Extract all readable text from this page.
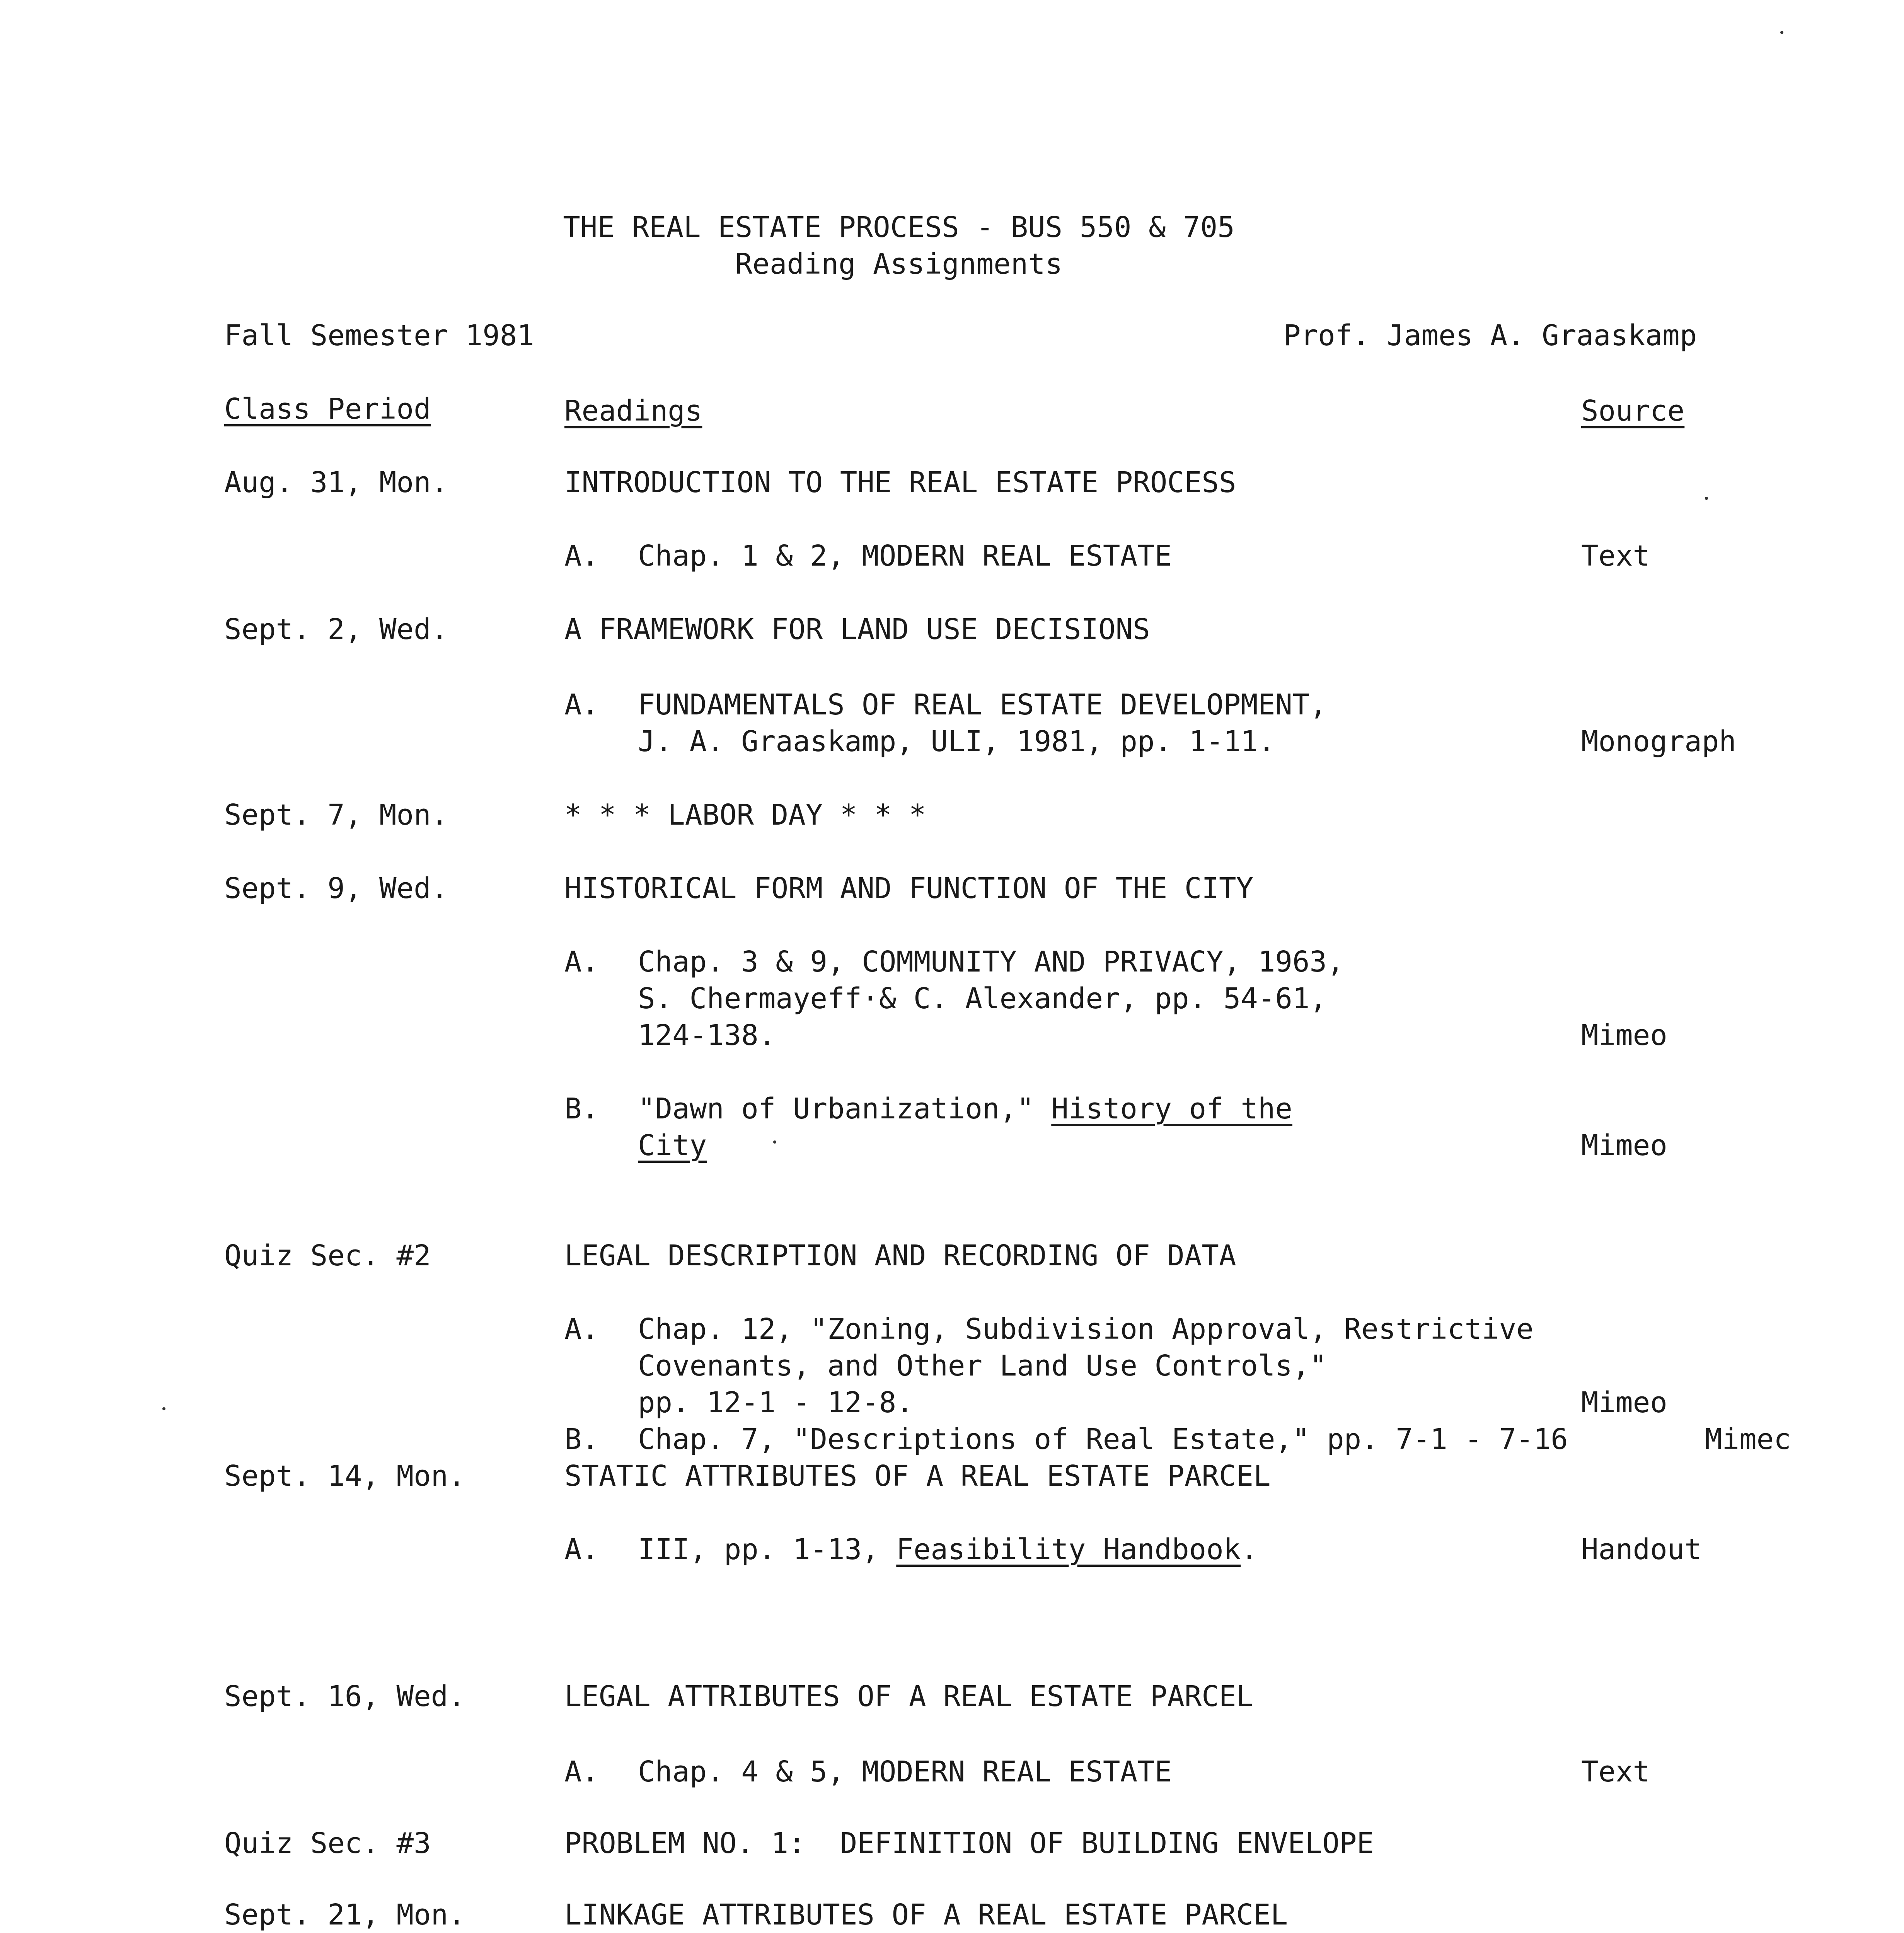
THE REAL ESTATE PROCESS - BUS 550 & 705
Reading Assignments
Fall Semester 1981	Prof. James A. Graaskamp
Class Period	Readings	Source
Aug. 31, Mon.	INTRODUCTION TO THE REAL ESTATE PROCESS
A. Chap. 1 & 2, MODERN REAL ESTATE	Text
Sept. 2, Wed.	A FRAMEWORK FOR LAND USE DECISIONS
A. FUNDAMENTALS OF REAL ESTATE DEVELOPMENT,
J. A. Graaskamp, ULI, 1981, pp. 1-11.	Monograph
Sept. 7, Mon.	* * * LABOR DAY * * *
Sept. 9, Wed.	HISTORICAL FORM AND FUNCTION OF THE CITY
A. Chap. 3 & 9, COMMUNITY AND PRIVACY, 1963,
S. Chermayeff·& C. Alexander, pp. 54-61,
124-138.	Mimeo
B. "Dawn of Urbanization," History of the
City	Mimeo
Quiz Sec. #2	LEGAL DESCRIPTION AND RECORDING OF DATA
A. Chap. 12, "Zoning, Subdivision Approval, Restrictive
Covenants, and Other Land Use Controls,"
pp. 12-1 - 12-8.	Mimeo
B. Chap. 7, "Descriptions of Real Estate," pp. 7-1 - 7-16	Mimec
Sept. 14, Mon.	STATIC ATTRIBUTES OF A REAL ESTATE PARCEL
A. III, pp. 1-13, Feasibility Handbook.	Handout
Sept. 16, Wed.	LEGAL ATTRIBUTES OF A REAL ESTATE PARCEL
A. Chap. 4 & 5, MODERN REAL ESTATE	Text
Quiz Sec. #3	PROBLEM NO. 1:  DEFINITION OF BUILDING ENVELOPE
Sept. 21, Mon.	LINKAGE ATTRIBUTES OF A REAL ESTATE PARCEL
